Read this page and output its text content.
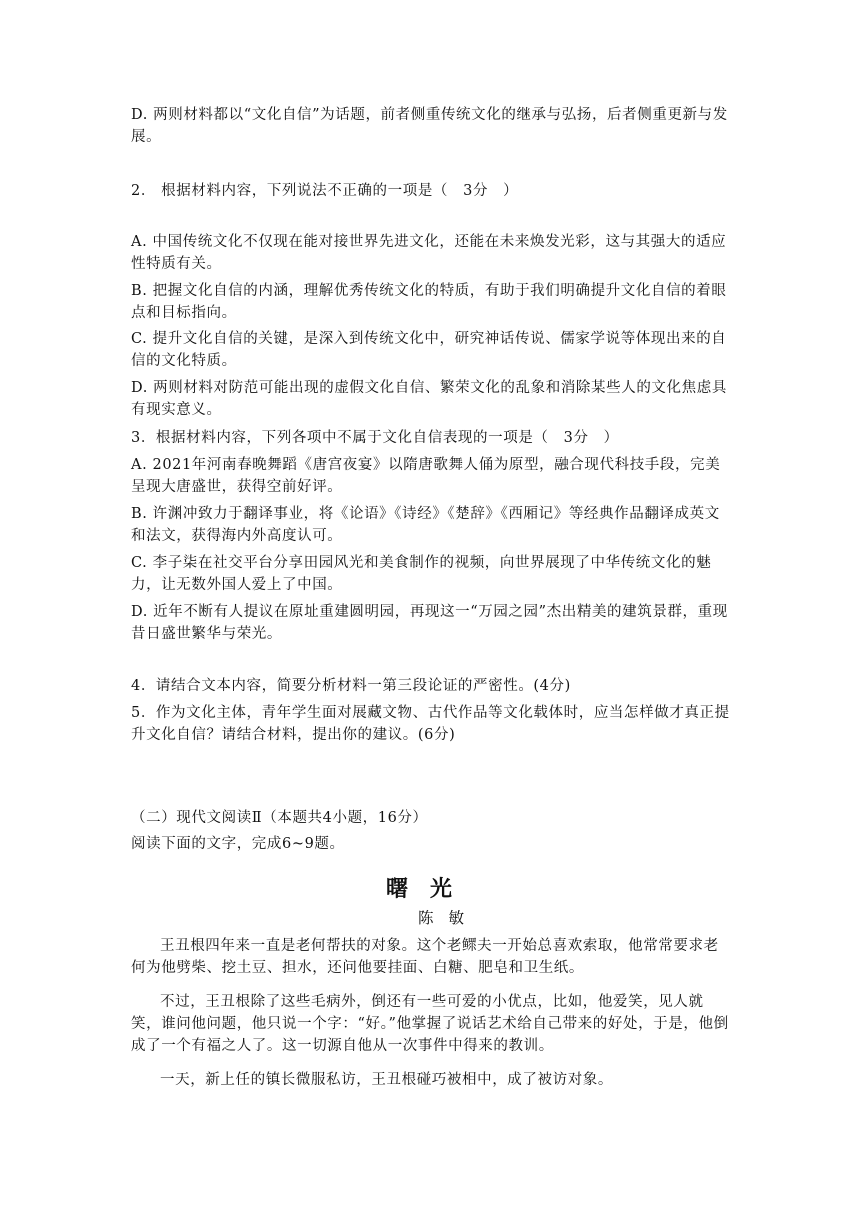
D. 两则材料都以“文化自信”为话题，前者侧重传统文化的继承与弘扬，后者侧重更新与发展。
2． 根据材料内容，下列说法不正确的一项是（　3分　）
A. 中国传统文化不仅现在能对接世界先进文化，还能在未来焕发光彩，这与其强大的适应性特质有关。
B. 把握文化自信的内涵，理解优秀传统文化的特质，有助于我们明确提升文化自信的着眼点和目标指向。
C. 提升文化自信的关键，是深入到传统文化中，研究神话传说、儒家学说等体现出来的自信的文化特质。
D. 两则材料对防范可能出现的虚假文化自信、繁荣文化的乱象和消除某些人的文化焦虑具有现实意义。
3．根据材料内容，下列各项中不属于文化自信表现的一项是（　3分　）
A. 2021年河南春晚舞蹈《唐宫夜宴》以隋唐歌舞人俑为原型，融合现代科技手段，完美呈现大唐盛世，获得空前好评。
B. 许渊冲致力于翻译事业，将《论语》《诗经》《楚辞》《西厢记》等经典作品翻译成英文和法文，获得海内外高度认可。
C. 李子柒在社交平台分享田园风光和美食制作的视频，向世界展现了中华传统文化的魅力，让无数外国人爱上了中国。
D. 近年不断有人提议在原址重建圆明园，再现这一“万园之园”杰出精美的建筑景群，重现昔日盛世繁华与荣光。
4．请结合文本内容，简要分析材料一第三段论证的严密性。(4分)
5．作为文化主体，青年学生面对展藏文物、古代作品等文化载体时，应当怎样做才真正提升文化自信？请结合材料，提出你的建议。(6分)
（二）现代文阅读Ⅱ（本题共4小题，16分）
阅读下面的文字，完成6~9题。
曙光
陈敏
王丑根四年来一直是老何帮扶的对象。这个老鳏夫一开始总喜欢索取，他常常要求老何为他劈柴、挖土豆、担水，还问他要挂面、白糖、肥皂和卫生纸。
不过，王丑根除了这些毛病外，倒还有一些可爱的小优点，比如，他爱笑，见人就笑，谁问他问题，他只说一个字：“好。”他掌握了说话艺术给自己带来的好处，于是，他倒成了一个有福之人了。这一切源自他从一次事件中得来的教训。
一天，新上任的镇长微服私访，王丑根碰巧被相中，成了被访对象。
